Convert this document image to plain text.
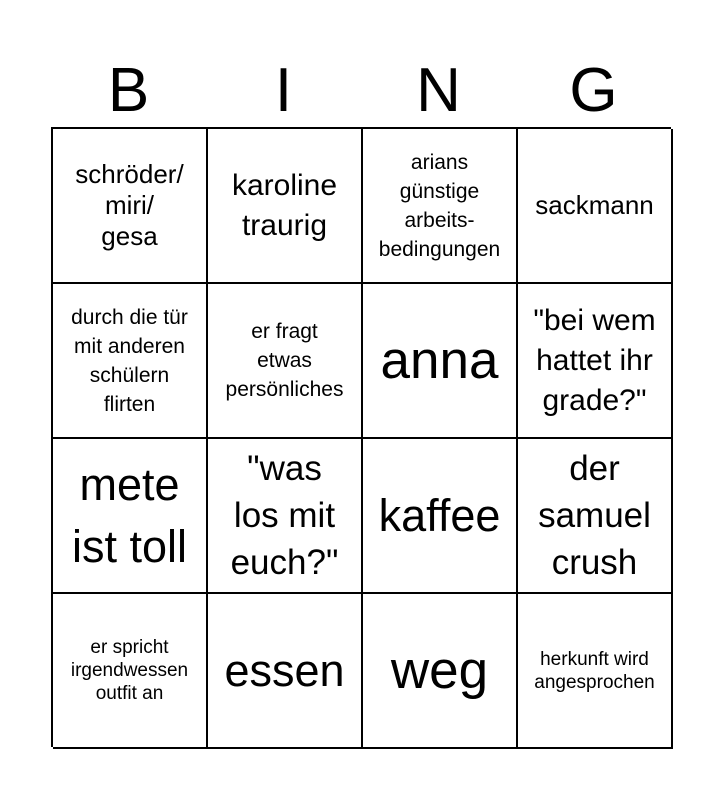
B	I	N	G
schröder/
miri/
gesa
karoline
traurig
arians
günstige
arbeits-
bedingungen
sackmann
durch die tür
mit anderen
schülern
flirten
er fragt
etwas
persönliches anna
"bei wem
hattet ihr
grade?"
mete
ist toll
"was
los mit
euch?"
kaffee
der
samuel
crush
er spricht
irgendwessen
outfit an	essen weg	herkunft wird
angesprochen
